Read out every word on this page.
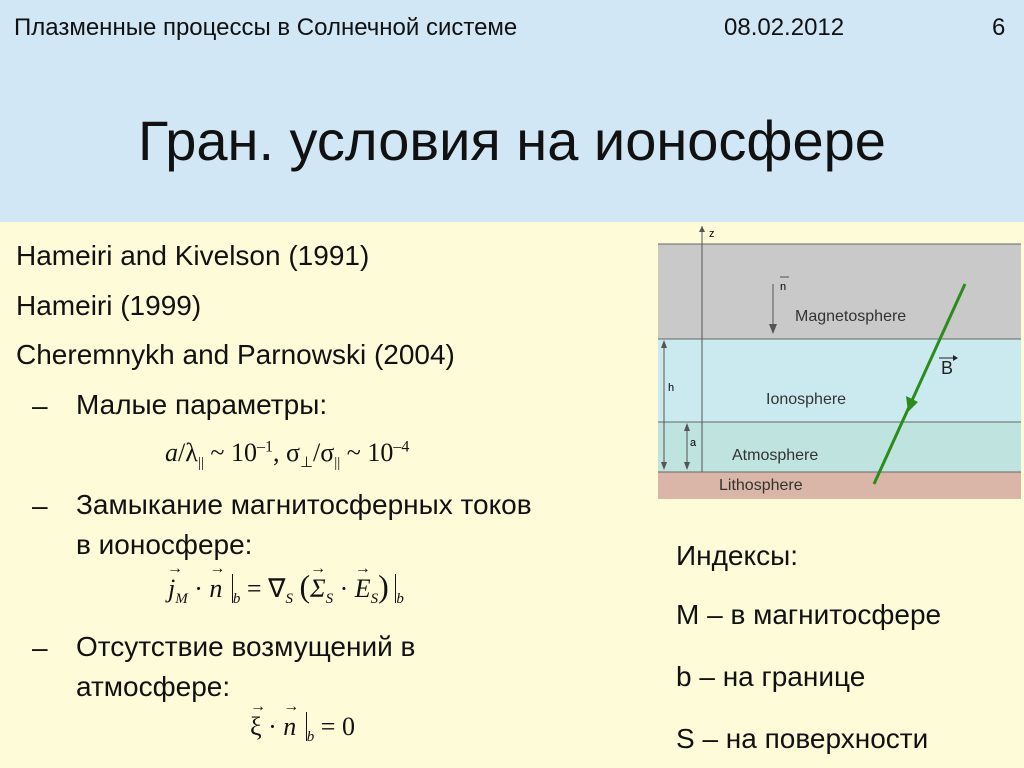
Плазменные процессы в Солнечной системе	08.02.2012	6
Гран. условия на ионосфере
Hameiri and Kivelson (1991)
Hameiri (1999)
Cheremnykh and Parnowski (2004)
– Малые параметры:
$a/\lambda_{||}$ ~ $10^{-1}$, $\sigma_\perp/\sigma_{||}$ ~ $10^{-4}$
– Замыкание магнитосферных токов
в ионосфере:
→
$j_M$ ·
→
n $_b = \nabla_S$ ( →
$\Sigma_S$ ·
→
$E_S$) $_b$
– Отсутствие возмущений в
атмосфере:
→
ξ ·
→
n $_b$ = 0
z
n
h
a
Magnetosphere
Ionosphere
Atmosphere
Lithosphere
B
Индексы:
M – в магнитосфере
b – на границе
S – на поверхности
